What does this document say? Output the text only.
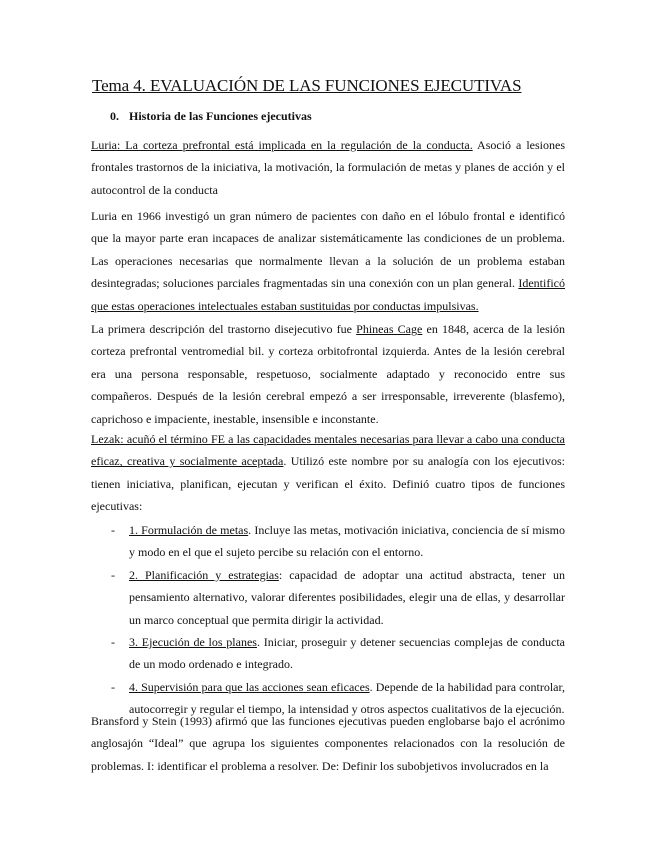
Tema 4. EVALUACIÓN DE LAS FUNCIONES EJECUTIVAS
0. Historia de las Funciones ejecutivas

Luria: La corteza prefrontal está implicada en la regulación de la conducta. Asoció a lesiones frontales trastornos de la iniciativa, la motivación, la formulación de metas y planes de acción y el autocontrol de la conducta

Luria en 1966 investigó un gran número de pacientes con daño en el lóbulo frontal e identificó que la mayor parte eran incapaces de analizar sistemáticamente las condiciones de un problema. Las operaciones necesarias que normalmente llevan a la solución de un problema estaban desintegradas; soluciones parciales fragmentadas sin una conexión con un plan general. Identificó que estas operaciones intelectuales estaban sustituidas por conductas impulsivas.

La primera descripción del trastorno disejecutivo fue Phineas Cage en 1848, acerca de la lesión corteza prefrontal ventromedial bil. y corteza orbitofrontal izquierda. Antes de la lesión cerebral era una persona responsable, respetuoso, socialmente adaptado y reconocido entre sus compañeros. Después de la lesión cerebral empezó a ser irresponsable, irreverente (blasfemo), caprichoso e impaciente, inestable, insensible e inconstante.

Lezak: acuñó el término FE a las capacidades mentales necesarias para llevar a cabo una conducta eficaz, creativa y socialmente aceptada. Utilizó este nombre por su analogía con los ejecutivos: tienen iniciativa, planifican, ejecutan y verifican el éxito. Definió cuatro tipos de funciones ejecutivas:

- 1. Formulación de metas. Incluye las metas, motivación iniciativa, conciencia de sí mismo y modo en el que el sujeto percibe su relación con el entorno.
- 2. Planificación y estrategias: capacidad de adoptar una actitud abstracta, tener un pensamiento alternativo, valorar diferentes posibilidades, elegir una de ellas, y desarrollar un marco conceptual que permita dirigir la actividad.
- 3. Ejecución de los planes. Iniciar, proseguir y detener secuencias complejas de conducta de un modo ordenado e integrado.
- 4. Supervisión para que las acciones sean eficaces. Depende de la habilidad para controlar, autocorregir y regular el tiempo, la intensidad y otros aspectos cualitativos de la ejecución.

Bransford y Stein (1993) afirmó que las funciones ejecutivas pueden englobarse bajo el acrónimo anglosajón “Ideal” que agrupa los siguientes componentes relacionados con la resolución de problemas. I: identificar el problema a resolver. De: Definir los subobjetivos involucrados en la
